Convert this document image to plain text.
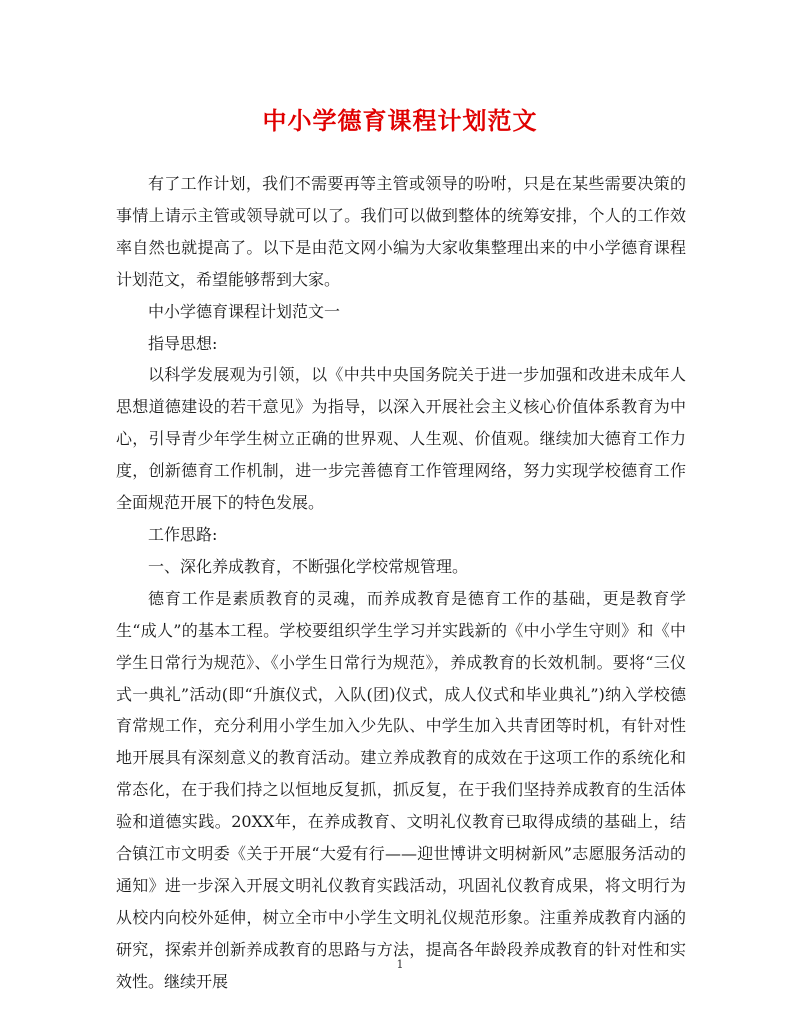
中小学德育课程计划范文

有了工作计划，我们不需要再等主管或领导的吩咐，只是在某些需要决策的事情上请示主管或领导就可以了。我们可以做到整体的统筹安排，个人的工作效率自然也就提高了。以下是由范文网小编为大家收集整理出来的中小学德育课程计划范文，希望能够帮到大家。

中小学德育课程计划范文一

指导思想:

以科学发展观为引领，以《中共中央国务院关于进一步加强和改进未成年人思想道德建设的若干意见》为指导，以深入开展社会主义核心价值体系教育为中心，引导青少年学生树立正确的世界观、人生观、价值观。继续加大德育工作力度，创新德育工作机制，进一步完善德育工作管理网络，努力实现学校德育工作全面规范开展下的特色发展。

工作思路:

一、深化养成教育，不断强化学校常规管理。

德育工作是素质教育的灵魂，而养成教育是德育工作的基础，更是教育学生“成人”的基本工程。学校要组织学生学习并实践新的《中小学生守则》和《中学生日常行为规范》、《小学生日常行为规范》，养成教育的长效机制。要将“三仪式一典礼”活动(即“升旗仪式，入队(团)仪式，成人仪式和毕业典礼”)纳入学校德育常规工作，充分利用小学生加入少先队、中学生加入共青团等时机，有针对性地开展具有深刻意义的教育活动。建立养成教育的成效在于这项工作的系统化和常态化，在于我们持之以恒地反复抓，抓反复，在于我们坚持养成教育的生活体验和道德实践。20XX年，在养成教育、文明礼仪教育已取得成绩的基础上，结合镇江市文明委《关于开展“大爱有行——迎世博讲文明树新风”志愿服务活动的通知》进一步深入开展文明礼仪教育实践活动，巩固礼仪教育成果，将文明行为从校内向校外延伸，树立全市中小学生文明礼仪规范形象。注重养成教育内涵的研究，探索并创新养成教育的思路与方法，提高各年龄段养成教育的针对性和实效性。继续开展

1
